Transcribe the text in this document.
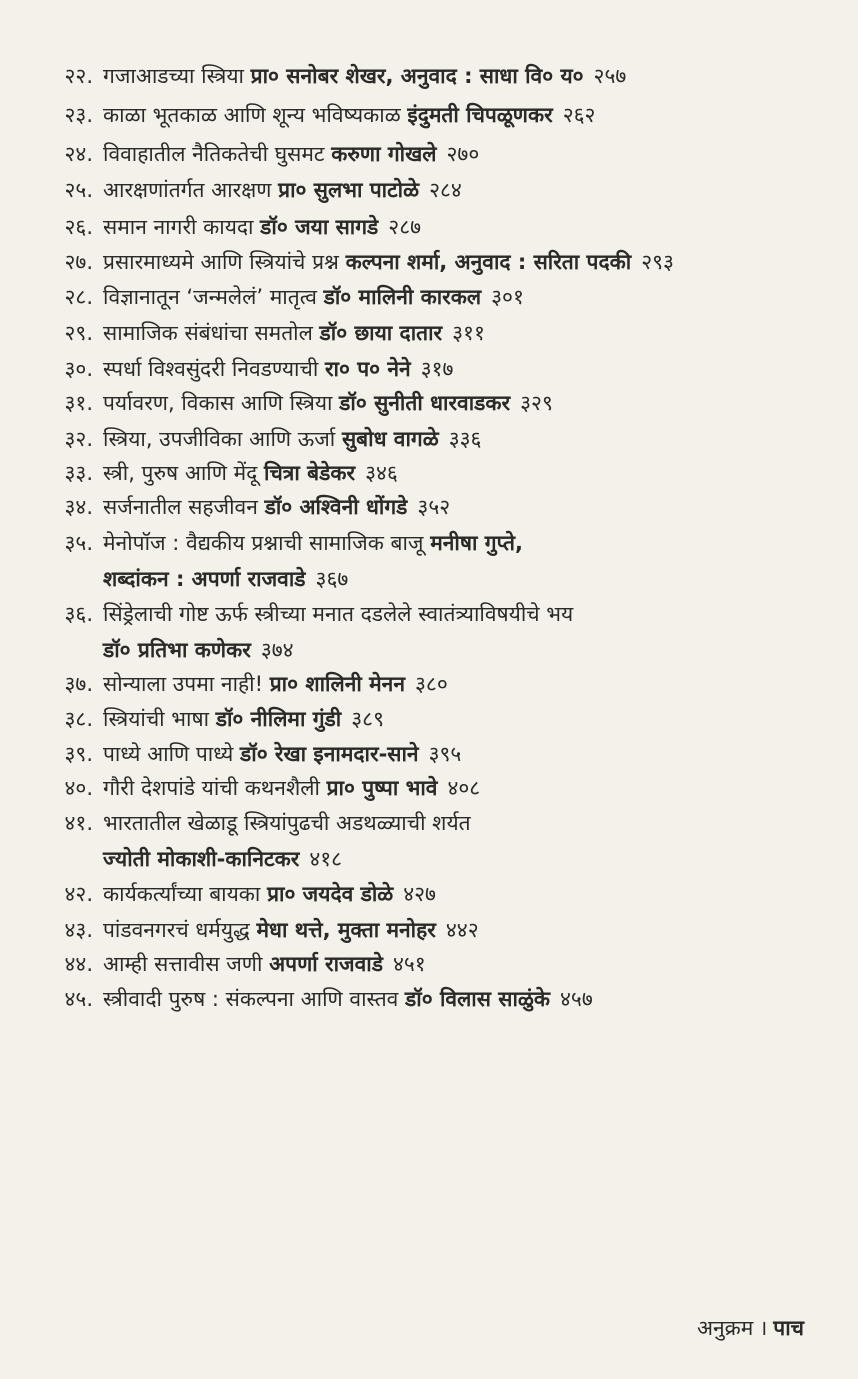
२२. गजाआडच्या स्त्रिया प्रा० सनोबर शेखर, अनुवाद : साधा वि० य० २५७
२३. काळा भूतकाळ आणि शून्य भविष्यकाळ इंदुमती चिपळूणकर २६२
२४. विवाहातील नैतिकतेची घुसमट करुणा गोखले २७०
२५. आरक्षणांतर्गत आरक्षण प्रा० सुलभा पाटोळे २८४
२६. समान नागरी कायदा डॉ० जया सागडे २८७
२७. प्रसारमाध्यमे आणि स्त्रियांचे प्रश्न कल्पना शर्मा, अनुवाद : सरिता पदकी २९३
२८. विज्ञानातून ‘जन्मलेलं’ मातृत्व डॉ० मालिनी कारकल ३०१
२९. सामाजिक संबंधांचा समतोल डॉ० छाया दातार ३११
३०. स्पर्धा विश्वसुंदरी निवडण्याची रा० प० नेने ३१७
३१. पर्यावरण, विकास आणि स्त्रिया डॉ० सुनीती धारवाडकर ३२९
३२. स्त्रिया, उपजीविका आणि ऊर्जा सुबोध वागळे ३३६
३३. स्त्री, पुरुष आणि मेंदू चित्रा बेडेकर ३४६
३४. सर्जनातील सहजीवन डॉ० अश्विनी धोंगडे ३५२
३५. मेनोपॉज : वैद्यकीय प्रश्नाची सामाजिक बाजू मनीषा गुप्ते,
शब्दांकन : अपर्णा राजवाडे ३६७
३६. सिंड्रेलाची गोष्ट ऊर्फ स्त्रीच्या मनात दडलेले स्वातंत्र्याविषयीचे भय
डॉ० प्रतिभा कणेकर ३७४
३७. सोन्याला उपमा नाही! प्रा० शालिनी मेनन ३८०
३८. स्त्रियांची भाषा डॉ० नीलिमा गुंडी ३८९
३९. पाध्ये आणि पाध्ये डॉ० रेखा इनामदार-साने ३९५
४०. गौरी देशपांडे यांची कथनशैली प्रा० पुष्पा भावे ४०८
४१. भारतातील खेळाडू स्त्रियांपुढची अडथळ्याची शर्यत
ज्योती मोकाशी-कानिटकर ४१८
४२. कार्यकर्त्यांच्या बायका प्रा० जयदेव डोळे ४२७
४३. पांडवनगरचं धर्मयुद्ध मेधा थत्ते, मुक्ता मनोहर ४४२
४४. आम्ही सत्तावीस जणी अपर्णा राजवाडे ४५१
४५. स्त्रीवादी पुरुष : संकल्पना आणि वास्तव डॉ० विलास साळुंके ४५७
अनुक्रम । पाच
